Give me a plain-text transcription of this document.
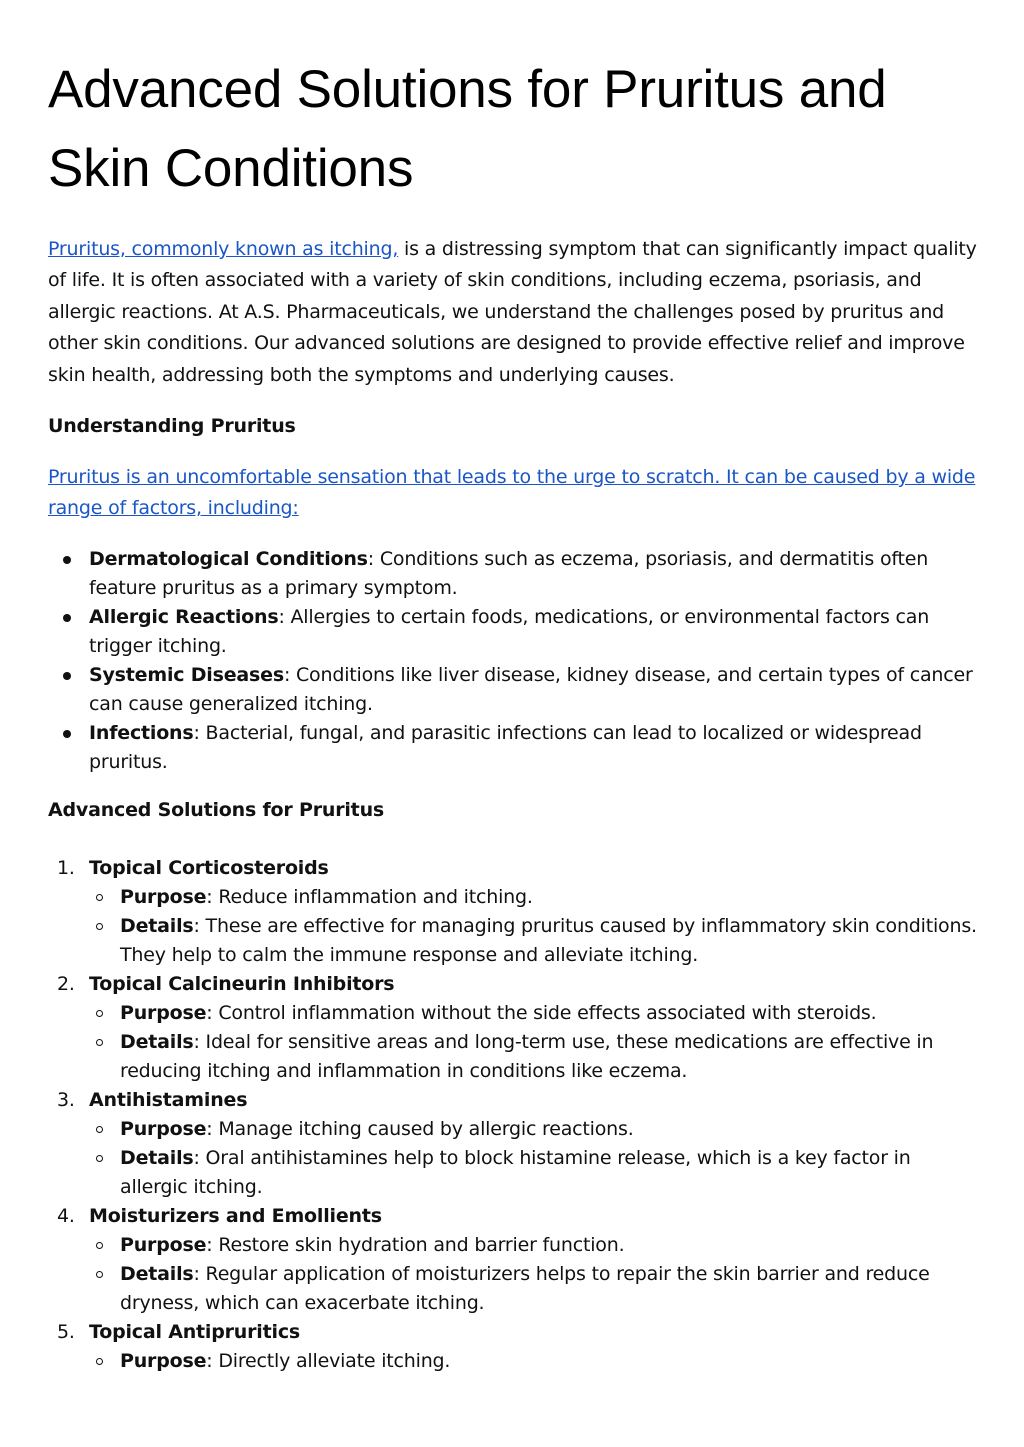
Advanced Solutions for Pruritus and Skin Conditions

Pruritus, commonly known as itching, is a distressing symptom that can significantly impact quality of life. It is often associated with a variety of skin conditions, including eczema, psoriasis, and allergic reactions. At A.S. Pharmaceuticals, we understand the challenges posed by pruritus and other skin conditions. Our advanced solutions are designed to provide effective relief and improve skin health, addressing both the symptoms and underlying causes.

Understanding Pruritus

Pruritus is an uncomfortable sensation that leads to the urge to scratch. It can be caused by a wide range of factors, including:

Dermatological Conditions: Conditions such as eczema, psoriasis, and dermatitis often feature pruritus as a primary symptom.
Allergic Reactions: Allergies to certain foods, medications, or environmental factors can trigger itching.
Systemic Diseases: Conditions like liver disease, kidney disease, and certain types of cancer can cause generalized itching.
Infections: Bacterial, fungal, and parasitic infections can lead to localized or widespread pruritus.
Advanced Solutions for Pruritus
1. Topical Corticosteroids
Purpose: Reduce inflammation and itching.
Details: These are effective for managing pruritus caused by inflammatory skin conditions. They help to calm the immune response and alleviate itching.
2. Topical Calcineurin Inhibitors
Purpose: Control inflammation without the side effects associated with steroids.
Details: Ideal for sensitive areas and long-term use, these medications are effective in reducing itching and inflammation in conditions like eczema.
3. Antihistamines
Purpose: Manage itching caused by allergic reactions.
Details: Oral antihistamines help to block histamine release, which is a key factor in allergic itching.
4. Moisturizers and Emollients
Purpose: Restore skin hydration and barrier function.
Details: Regular application of moisturizers helps to repair the skin barrier and reduce dryness, which can exacerbate itching.
5. Topical Antipruritics
Purpose: Directly alleviate itching.
